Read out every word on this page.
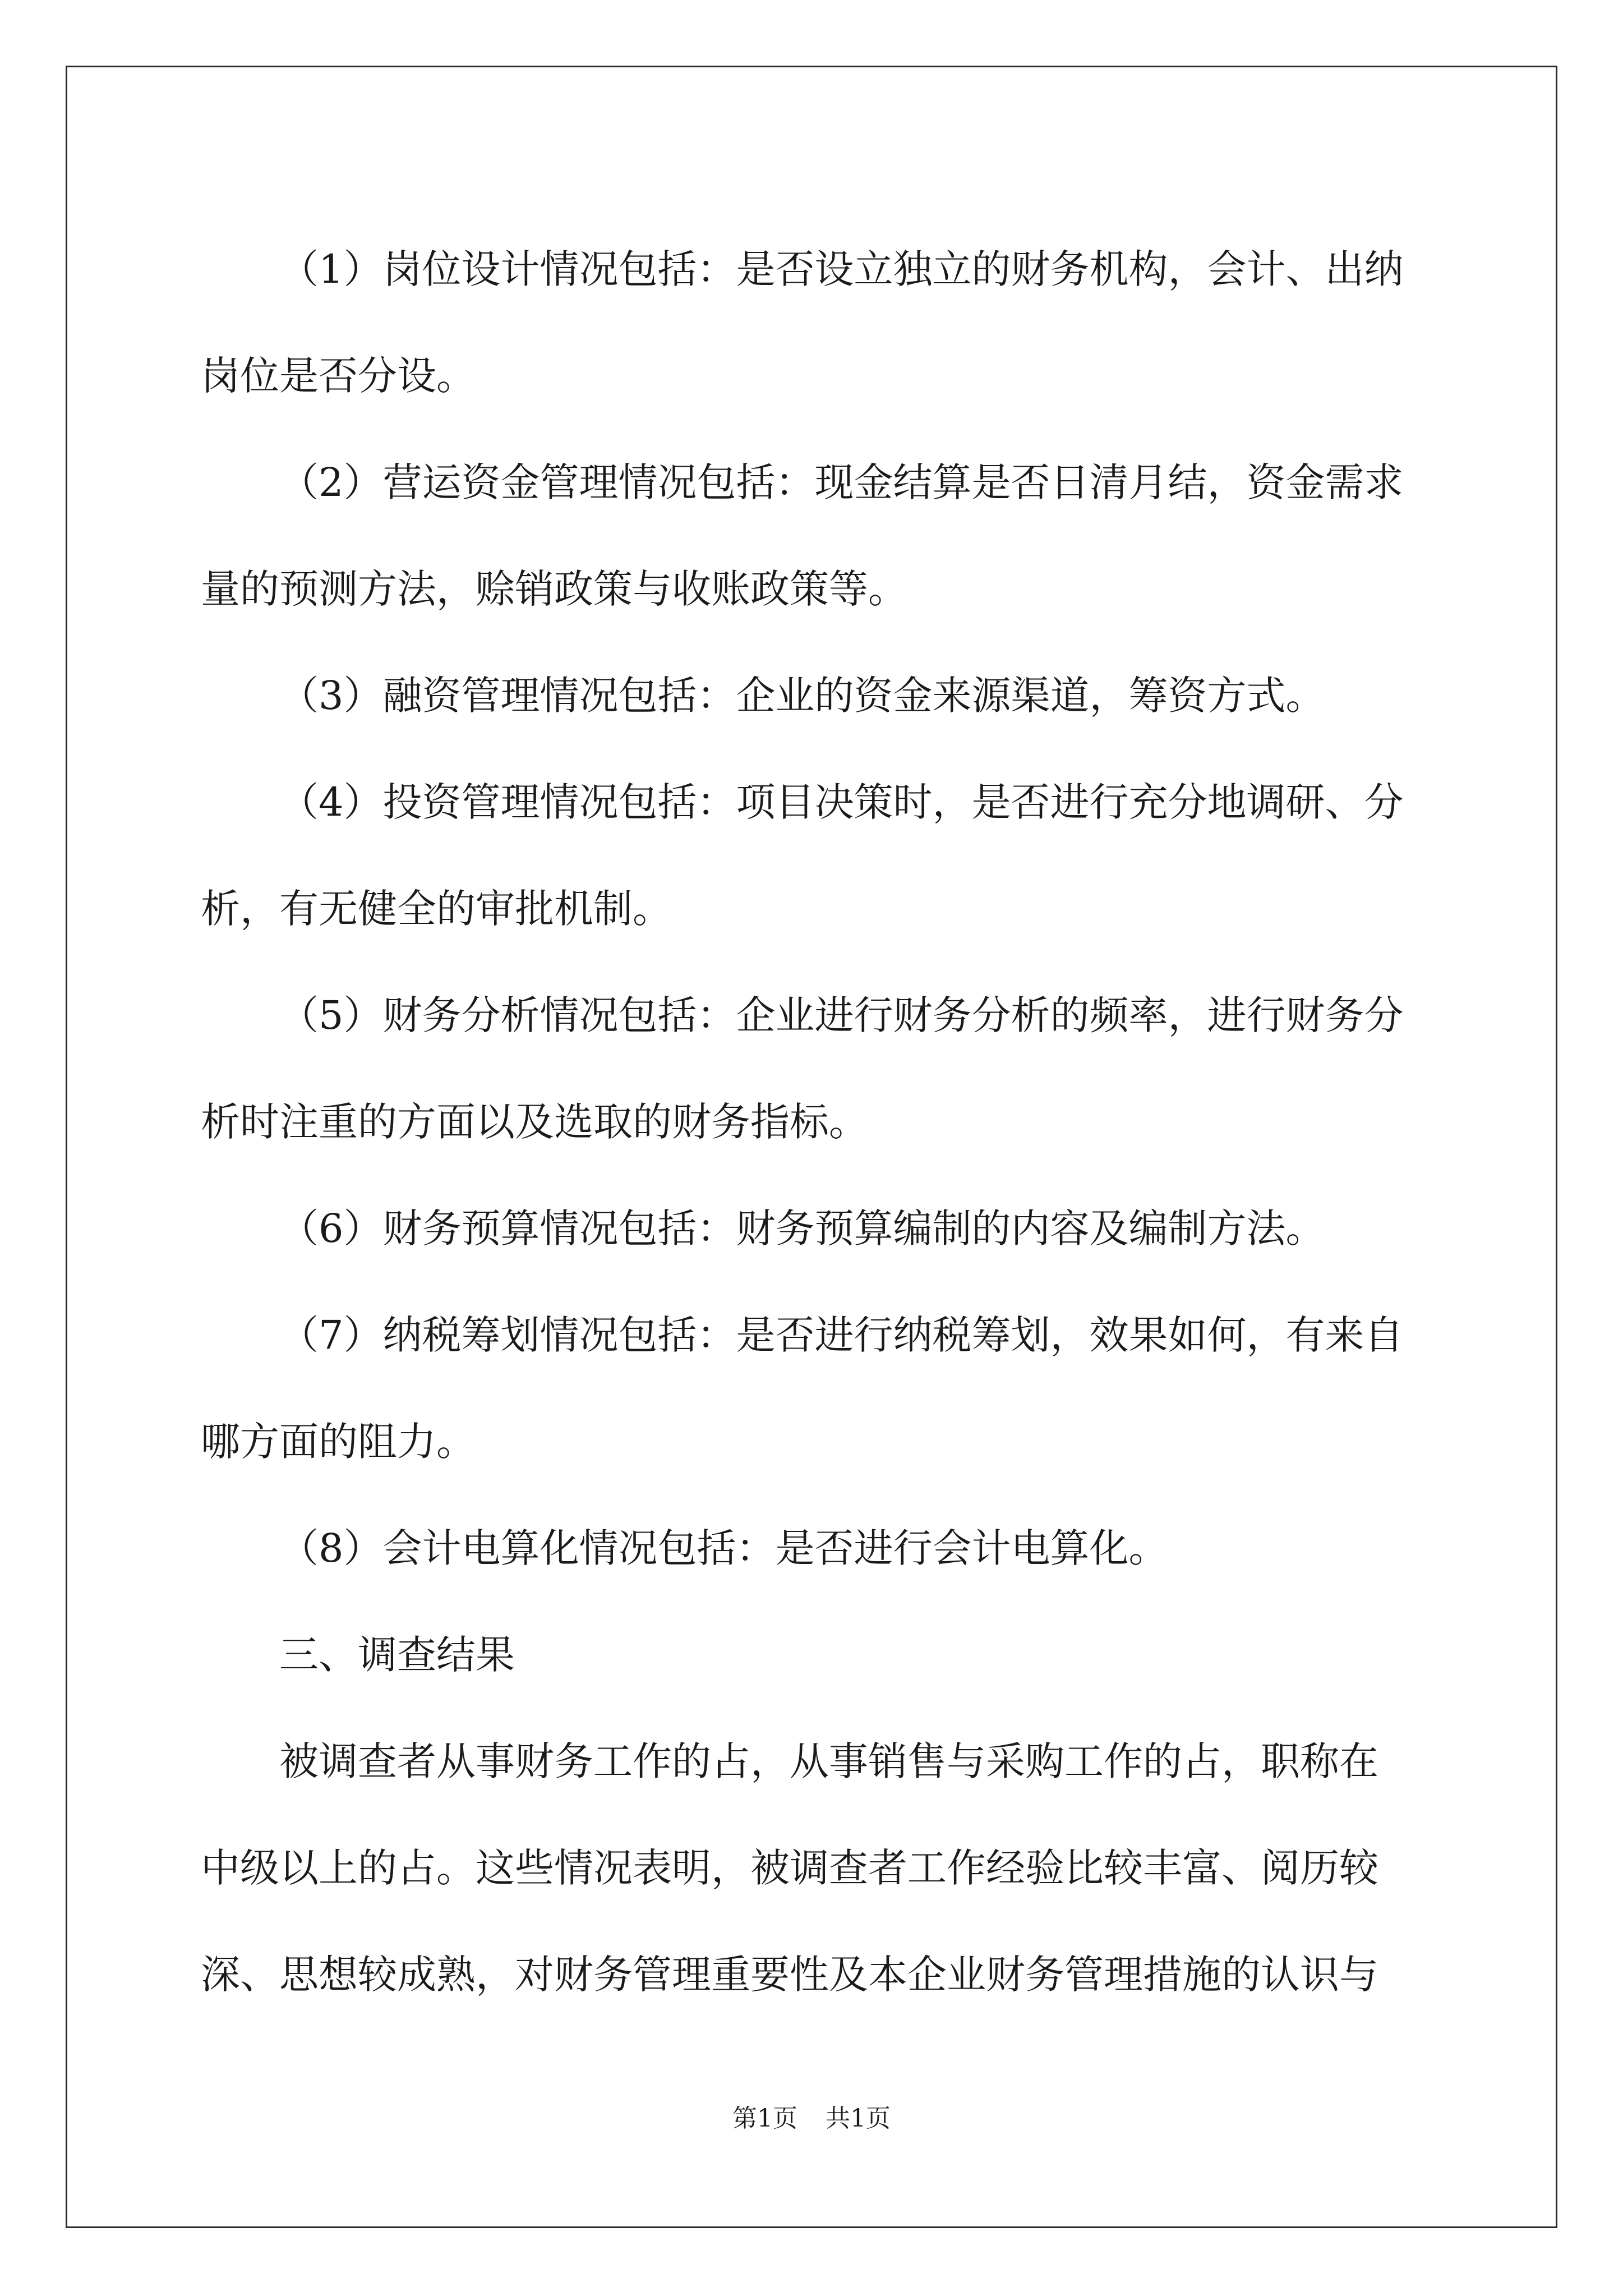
（1）岗位设计情况包括：是否设立独立的财务机构，会计、出纳

岗位是否分设。

（2）营运资金管理情况包括：现金结算是否日清月结，资金需求

量的预测方法，赊销政策与收账政策等。

（3）融资管理情况包括：企业的资金来源渠道，筹资方式。

（4）投资管理情况包括：项目决策时，是否进行充分地调研、分

析，有无健全的审批机制。

（5）财务分析情况包括：企业进行财务分析的频率，进行财务分

析时注重的方面以及选取的财务指标。

（6）财务预算情况包括：财务预算编制的内容及编制方法。

（7）纳税筹划情况包括：是否进行纳税筹划，效果如何，有来自

哪方面的阻力。

（8）会计电算化情况包括：是否进行会计电算化。

三、调查结果

被调查者从事财务工作的占，从事销售与采购工作的占，职称在

中级以上的占。这些情况表明，被调查者工作经验比较丰富、阅历较

深、思想较成熟，对财务管理重要性及本企业财务管理措施的认识与

第1页 共1页
